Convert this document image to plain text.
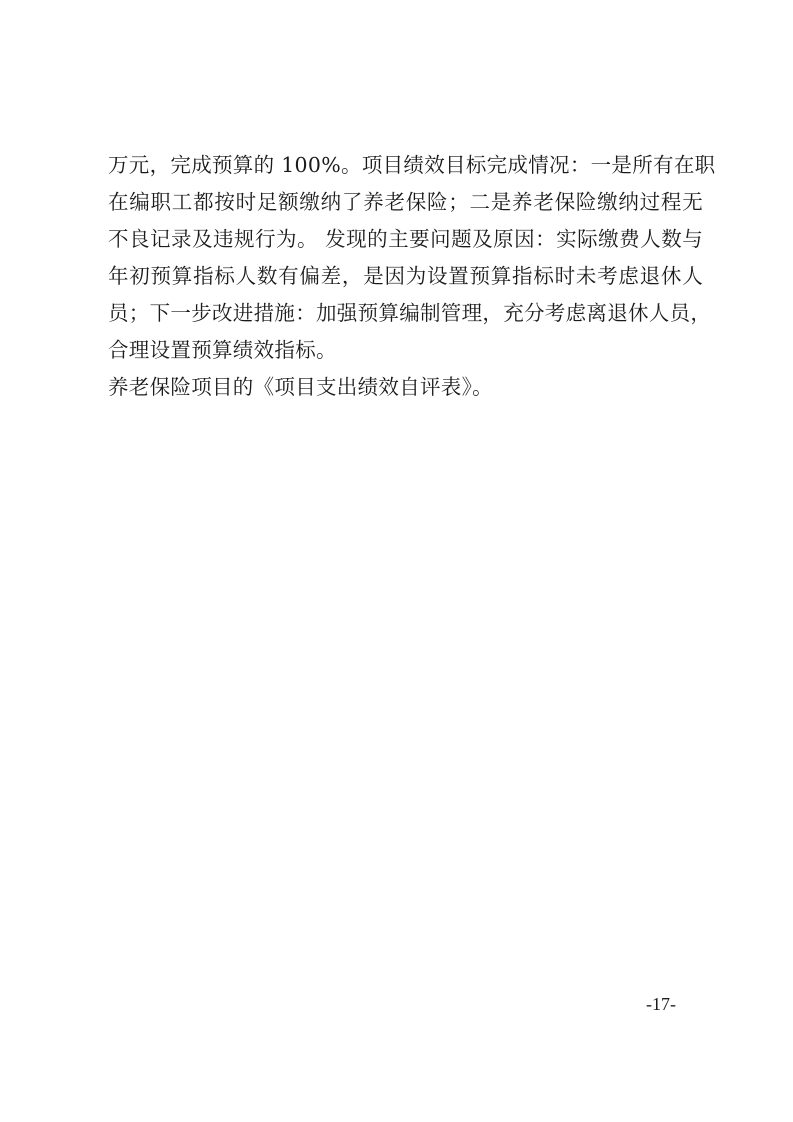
万元，完成预算的 100%。项目绩效目标完成情况：一是所有在职
在编职工都按时足额缴纳了养老保险；二是养老保险缴纳过程无
不良记录及违规行为。 发现的主要问题及原因：实际缴费人数与
年初预算指标人数有偏差，是因为设置预算指标时未考虑退休人
员；下一步改进措施：加强预算编制管理，充分考虑离退休人员，
合理设置预算绩效指标。
养老保险项目的《项目支出绩效自评表》。
-17-
